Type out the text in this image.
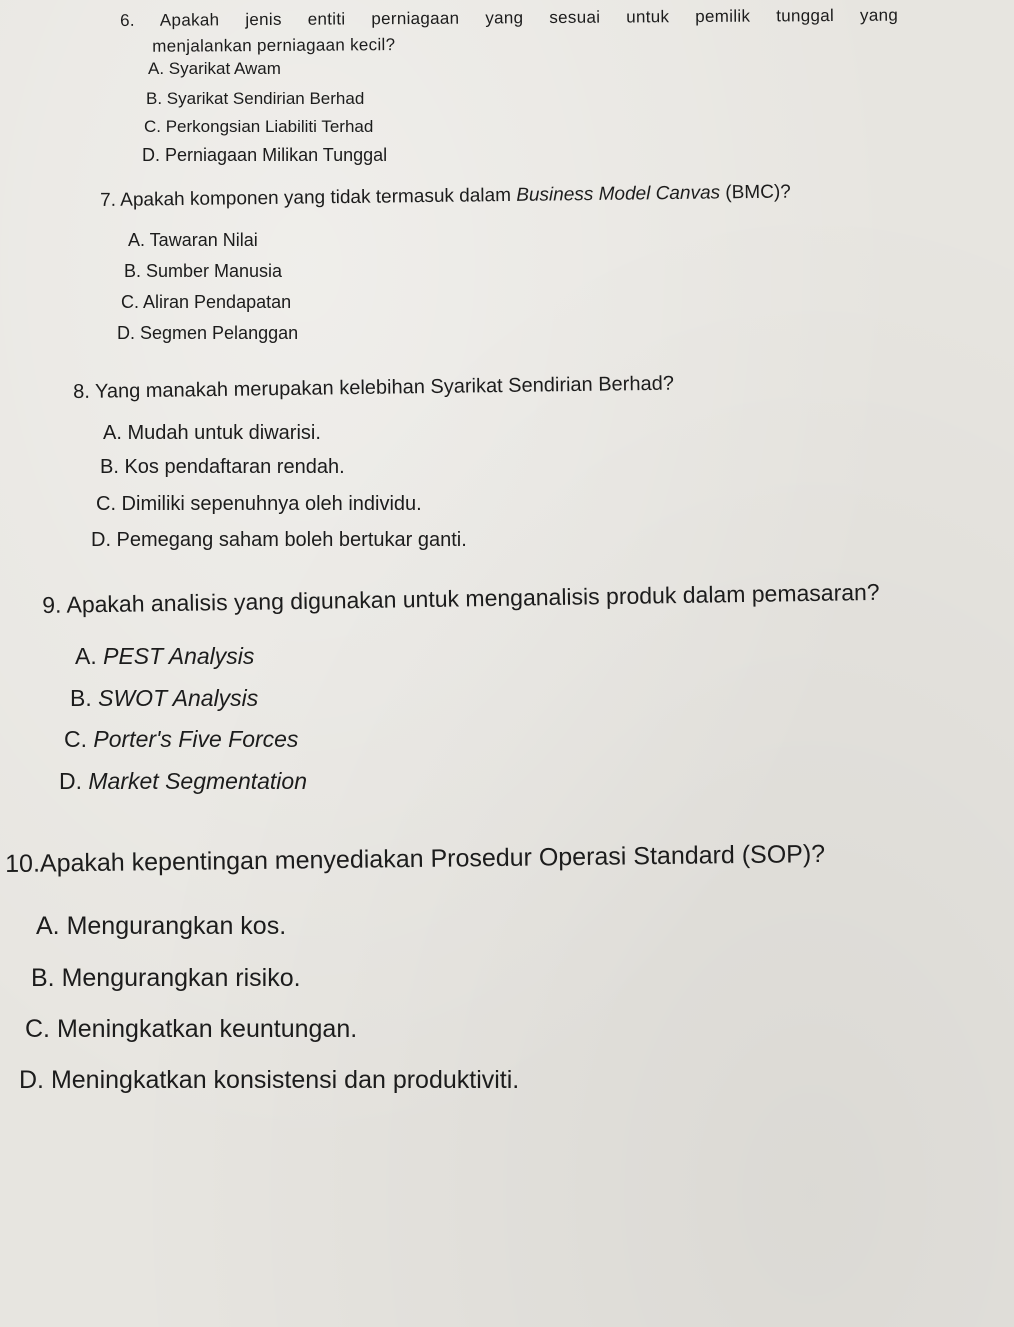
6. Apakah jenis entiti perniagaan yang sesuai untuk pemilik tunggal yang
menjalankan perniagaan kecil?
A. Syarikat Awam
B. Syarikat Sendirian Berhad
C. Perkongsian Liabiliti Terhad
D. Perniagaan Milikan Tunggal
7. Apakah komponen yang tidak termasuk dalam Business Model Canvas (BMC)?
A. Tawaran Nilai
B. Sumber Manusia
C. Aliran Pendapatan
D. Segmen Pelanggan
8. Yang manakah merupakan kelebihan Syarikat Sendirian Berhad?
A. Mudah untuk diwarisi.
B. Kos pendaftaran rendah.
C. Dimiliki sepenuhnya oleh individu.
D. Pemegang saham boleh bertukar ganti.
9. Apakah analisis yang digunakan untuk menganalisis produk dalam pemasaran?
A. PEST Analysis
B. SWOT Analysis
C. Porter's Five Forces
D. Market Segmentation
10.Apakah kepentingan menyediakan Prosedur Operasi Standard (SOP)?
A. Mengurangkan kos.
B. Mengurangkan risiko.
C. Meningkatkan keuntungan.
D. Meningkatkan konsistensi dan produktiviti.
